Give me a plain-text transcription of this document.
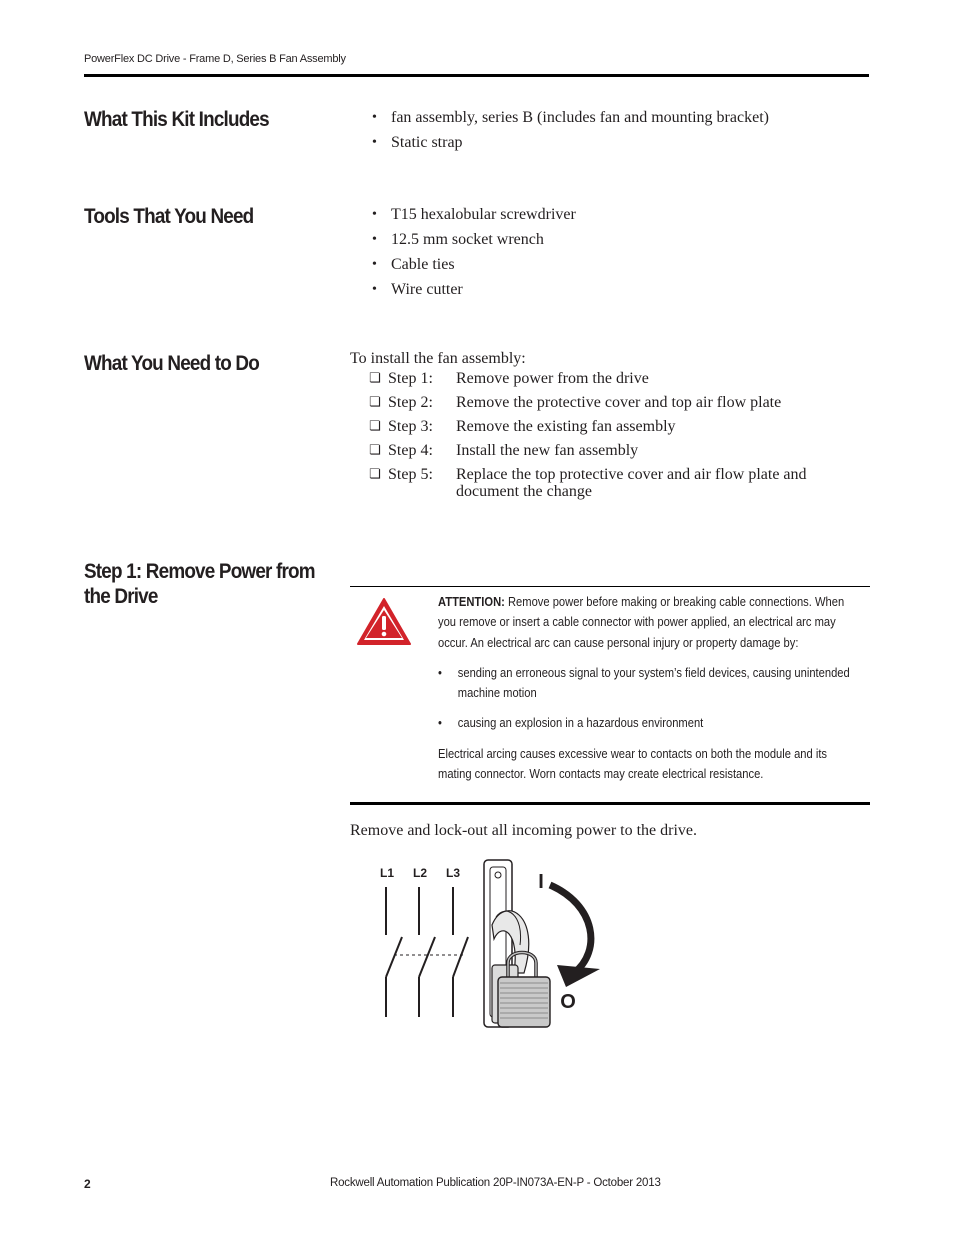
PowerFlex DC Drive - Frame D, Series B Fan Assembly
What This Kit Includes	• fan assembly, series B (includes fan and mounting bracket)
• Static strap
Tools That You Need	• T15 hexalobular screwdriver
• 12.5 mm socket wrench
• Cable ties
• Wire cutter
What You Need to Do	To install the fan assembly:
❏ Step 1: Remove power from the drive
❏ Step 2: Remove the protective cover and top air flow plate
❏ Step 3: Remove the existing fan assembly
❏ Step 4: Install the new fan assembly
❏ Step 5: Replace the top protective cover and air flow plate and document the change
Step 1: Remove Power from
the Drive	ATTENTION: Remove power before making or breaking cable connections. When you remove or insert a cable connector with power applied, an electrical arc may occur. An electrical arc can cause personal injury or property damage by:
• sending an erroneous signal to your system’s field devices, causing unintended machine motion
• causing an explosion in a hazardous environment
Electrical arcing causes excessive wear to contacts on both the module and its mating connector. Worn contacts may create electrical resistance.
Remove and lock-out all incoming power to the drive.
L1 L2 L3	I
O
2	Rockwell Automation Publication 20P-IN073A-EN-P - October 2013
